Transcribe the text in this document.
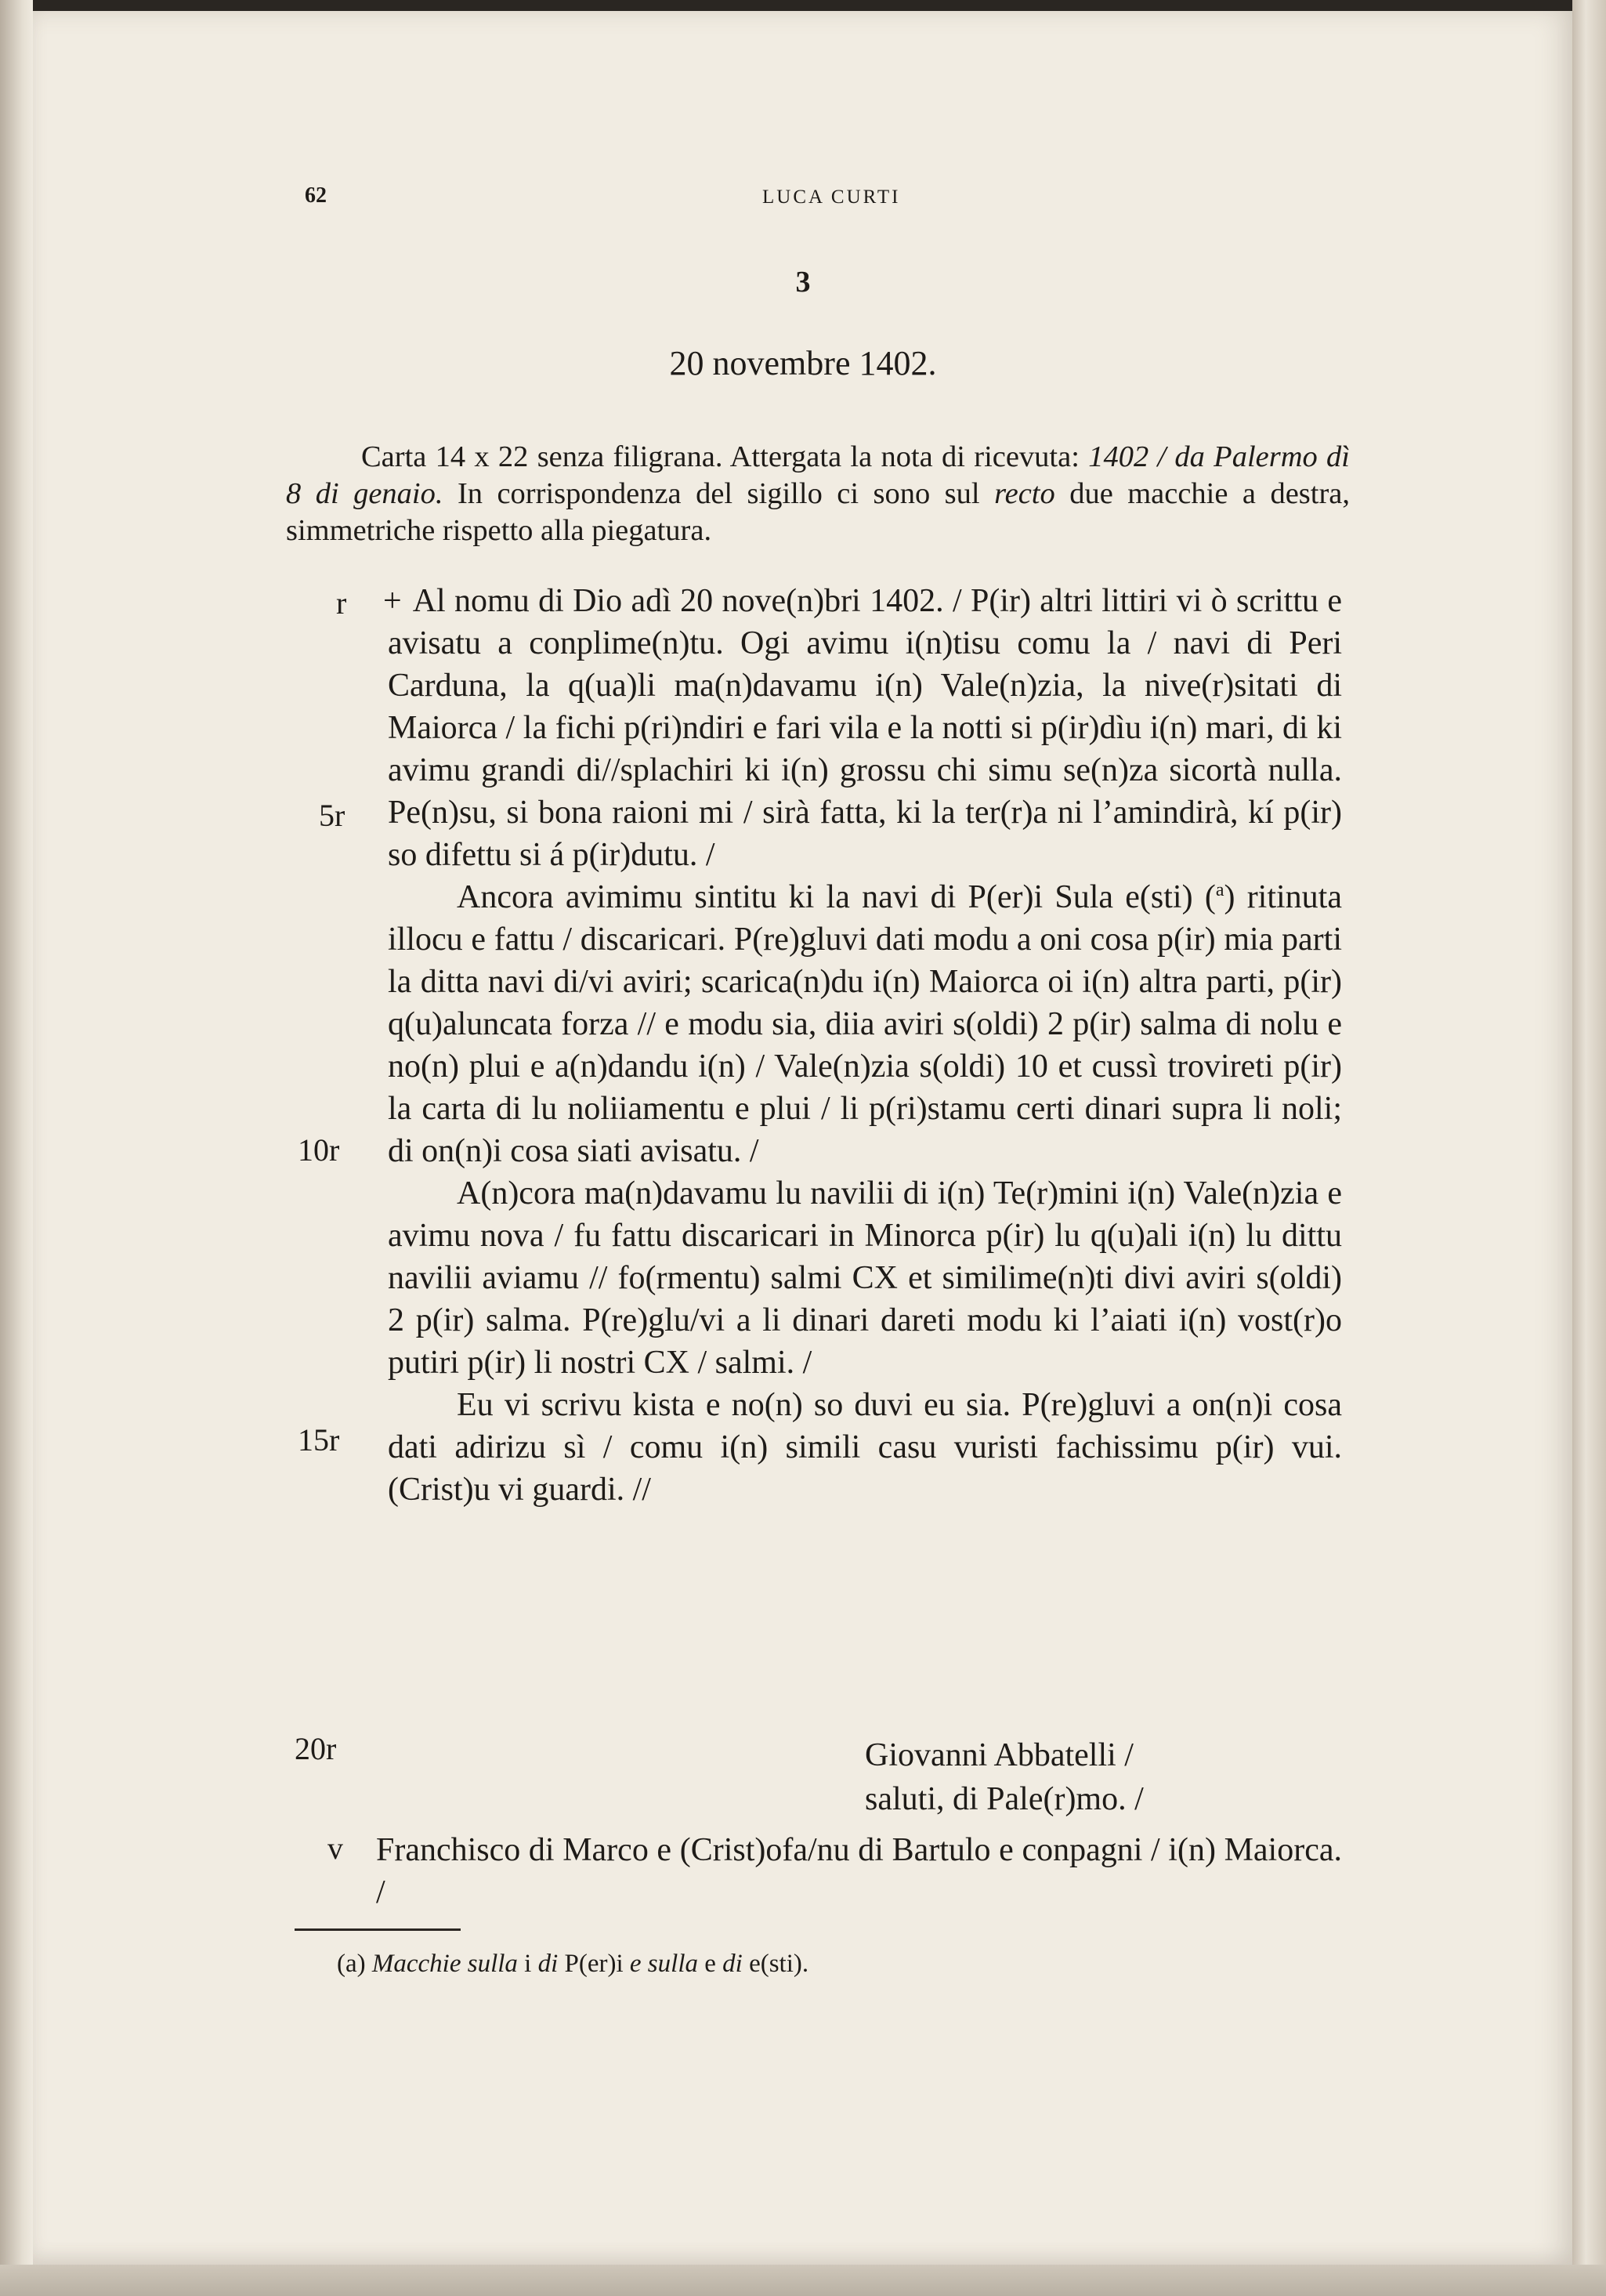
62	LUCA CURTI
3
20 novembre 1402.
Carta 14 x 22 senza filigrana. Attergata la nota di ricevuta: 1402 / da Palermo dì 8 di genaio. In corrispondenza del sigillo ci sono sul recto due macchie a destra, simmetriche rispetto alla piegatura.
r
5r
10r
15r
20r
v

+ Al nomu di Dio adì 20 nove(n)bri 1402. / P(ir) altri littiri vi ò scrittu e avisatu a conplime(n)tu. Ogi avimu i(n)tisu comu la / navi di Peri Carduna, la q(ua)li ma(n)davamu i(n) Vale(n)zia, la nive(r)sitati di Maiorca / la fichi p(ri)ndiri e fari vila e la notti si p(ir)dìu i(n) mari, di ki avimu grandi di//splachiri ki i(n) grossu chi simu se(n)za sicortà nulla. Pe(n)su, si bona raioni mi / sirà fatta, ki la ter(r)a ni l’amindirà, kí p(ir) so difettu si á p(ir)dutu. /

Ancora avimimu sintitu ki la navi di P(er)i Sula e(sti) ($^a$) ritinuta illocu e fattu / discaricari. P(re)gluvi dati modu a oni cosa p(ir) mia parti la ditta navi di/vi aviri; scarica(n)du i(n) Maiorca oi i(n) altra parti, p(ir) q(u)aluncata forza // e modu sia, diia aviri s(oldi) 2 p(ir) salma di nolu e no(n) plui e a(n)dandu i(n) / Vale(n)zia s(oldi) 10 et cussì trovireti p(ir) la carta di lu noliiamentu e plui / li p(ri)stamu certi dinari supra li noli; di on(n)i cosa siati avisatu. /

A(n)cora ma(n)davamu lu navilii di i(n) Te(r)mini i(n) Vale(n)zia e avimu nova / fu fattu discaricari in Minorca p(ir) lu q(u)ali i(n) lu dittu navilii aviamu // fo(rmentu) salmi CX et similime(n)ti divi aviri s(oldi) 2 p(ir) salma. P(re)glu/vi a li dinari dareti modu ki l’aiati i(n) vost(r)o putiri p(ir) li nostri CX / salmi. /

Eu vi scrivu kista e no(n) so duvi eu sia. P(re)gluvi a on(n)i cosa dati adirizu sì / comu i(n) simili casu vuristi fachissimu p(ir) vui. (Crist)u vi guardi. //

Giovanni Abbatelli /
saluti, di Pale(r)mo. /
Franchisco di Marco e (Crist)ofa/nu di Bartulo e conpagni / i(n) Maiorca. /
(a) Macchie sulla i di P(er)i e sulla e di e(sti).
